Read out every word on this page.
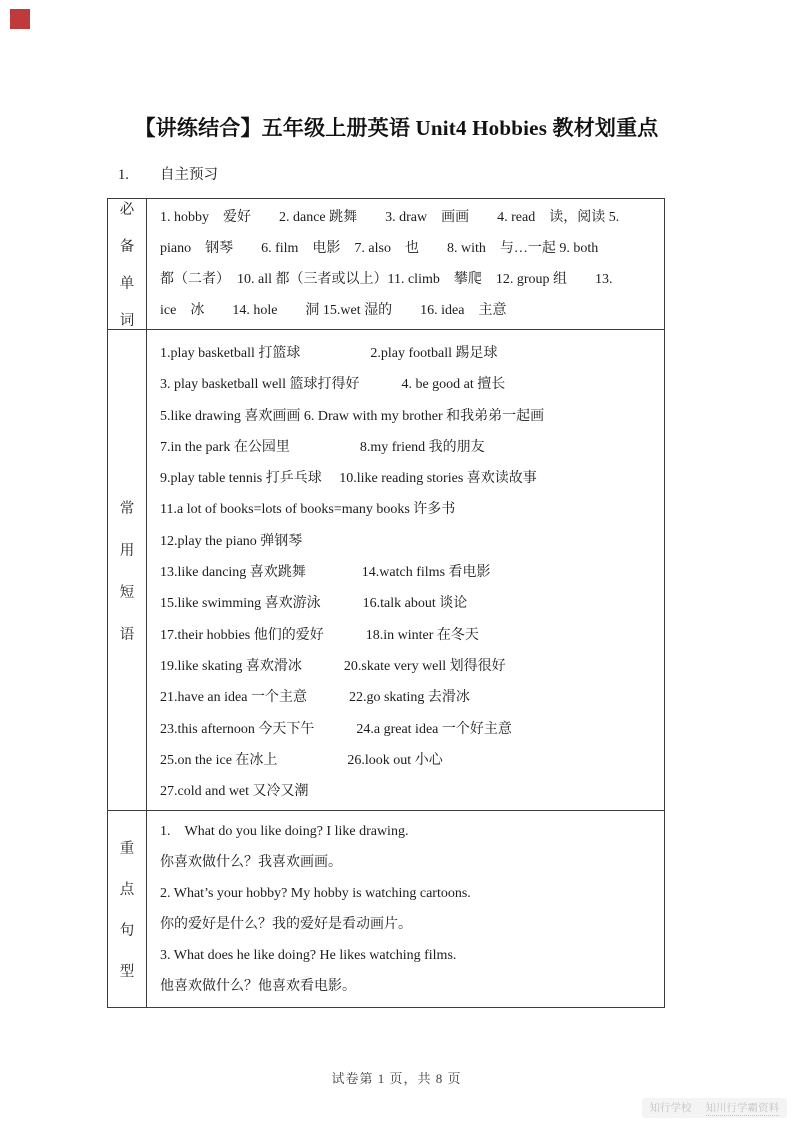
【讲练结合】五年级上册英语 Unit4 Hobbies 教材划重点
1.	自主预习
必
备
单
词
1. hobby　爱好　　2. dance 跳舞　　3. draw　画画　　4. read　读，阅读 5.
piano　钢琴　　6. film　电影　7. also　也　　8. with　与…一起 9. both
都（二者）　10. all 都（三者或以上）11. climb　攀爬　12. group 组　　13.
ice　冰　　14. hole　　洞 15.wet 湿的　　16. idea　主意
常
用
短
语
1.play basketball 打篮球　　　　　2.play football 踢足球
3. play basketball well 篮球打得好　　　4. be good at 擅长
5.like drawing 喜欢画画 6. Draw with my brother 和我弟弟一起画
7.in the park 在公园里　　　　　8.my friend 我的朋友
9.play table tennis 打乒乓球　 10.like reading stories 喜欢读故事
11.a lot of books=lots of books=many books 许多书
12.play the piano 弹钢琴
13.like dancing 喜欢跳舞　　　　14.watch films 看电影
15.like swimming 喜欢游泳　　　16.talk about 谈论
17.their hobbies 他们的爱好　　　18.in winter 在冬天
19.like skating 喜欢滑冰　　　20.skate very well 划得很好
21.have an idea 一个主意　　　22.go skating 去滑冰
23.this afternoon 今天下午　　　24.a great idea 一个好主意
25.on the ice 在冰上　　　　　26.look out 小心
27.cold and wet 又冷又潮
重
点
句
型
1.　What do you like doing? I like drawing.
你喜欢做什么？我喜欢画画。
2. What’s your hobby? My hobby is watching cartoons.
你的爱好是什么？我的爱好是看动画片。
3. What does he like doing? He likes watching films.
他喜欢做什么？他喜欢看电影。
试卷第 1 页，共 8 页
知行学校 知川行学霸资料
